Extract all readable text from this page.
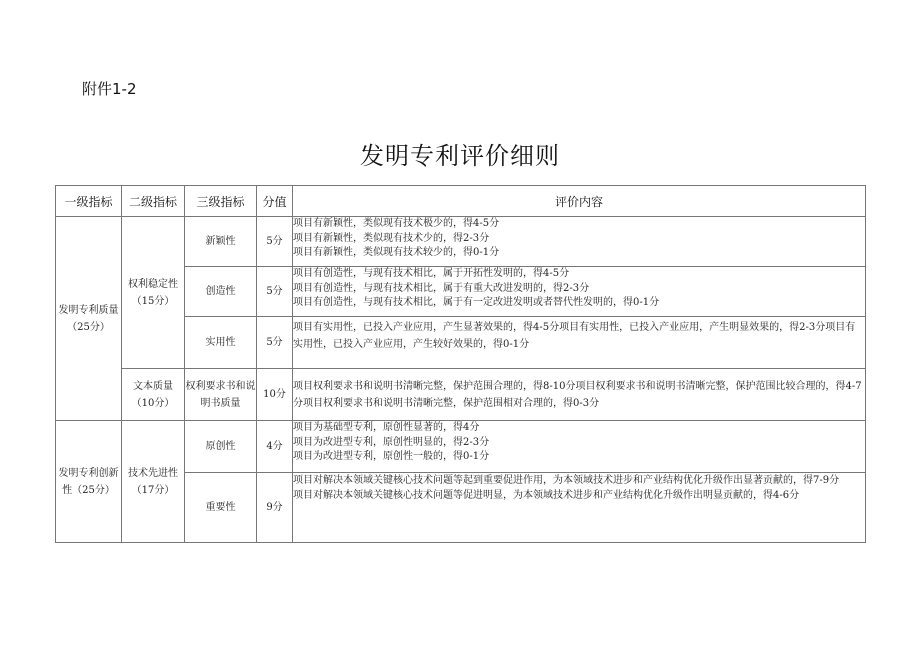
附件1-2
发明专利评价细则
一级指标	二级指标	三级指标	分值	评价内容
发明专利质量（25分）	权利稳定性（15分）	新颖性	5分	项目有新颖性，类似现有技术极少的，得4-5分
项目有新颖性，类似现有技术少的，得2-3分
项目有新颖性，类似现有技术较少的，得0-1分

		创造性	5分	项目有创造性，与现有技术相比，属于开拓性发明的，得4-5分
项目有创造性，与现有技术相比，属于有重大改进发明的，得2-3分
项目有创造性，与现有技术相比，属于有一定改进发明或者替代性发明的，得0-1分

		实用性	5分	项目有实用性，已投入产业应用，产生显著效果的，得4-5分项目有实用性，已投入产业应用，产生明显效果的，得2-3分项目有实用性，已投入产业应用，产生较好效果的，得0-1分

	文本质量（10分）	权利要求书和说明书质量	10分	项目权利要求书和说明书清晰完整，保护范围合理的，得8-10分项目权利要求书和说明书清晰完整，保护范围比较合理的，得4-7分项目权利要求书和说明书清晰完整，保护范围相对合理的，得0-3分

发明专利创新性（25分）	技术先进性（17分）	原创性	4分	项目为基础型专利，原创性显著的，得4分
项目为改进型专利，原创性明显的，得2-3分
项目为改进型专利，原创性一般的，得0-1分

		重要性	9分	项目对解决本领域关键核心技术问题等起到重要促进作用，为本领域技术进步和产业结构优化升级作出显著贡献的，得7-9分
项目对解决本领域关键核心技术问题等促进明显，为本领域技术进步和产业结构优化升级作出明显贡献的，得4-6分
